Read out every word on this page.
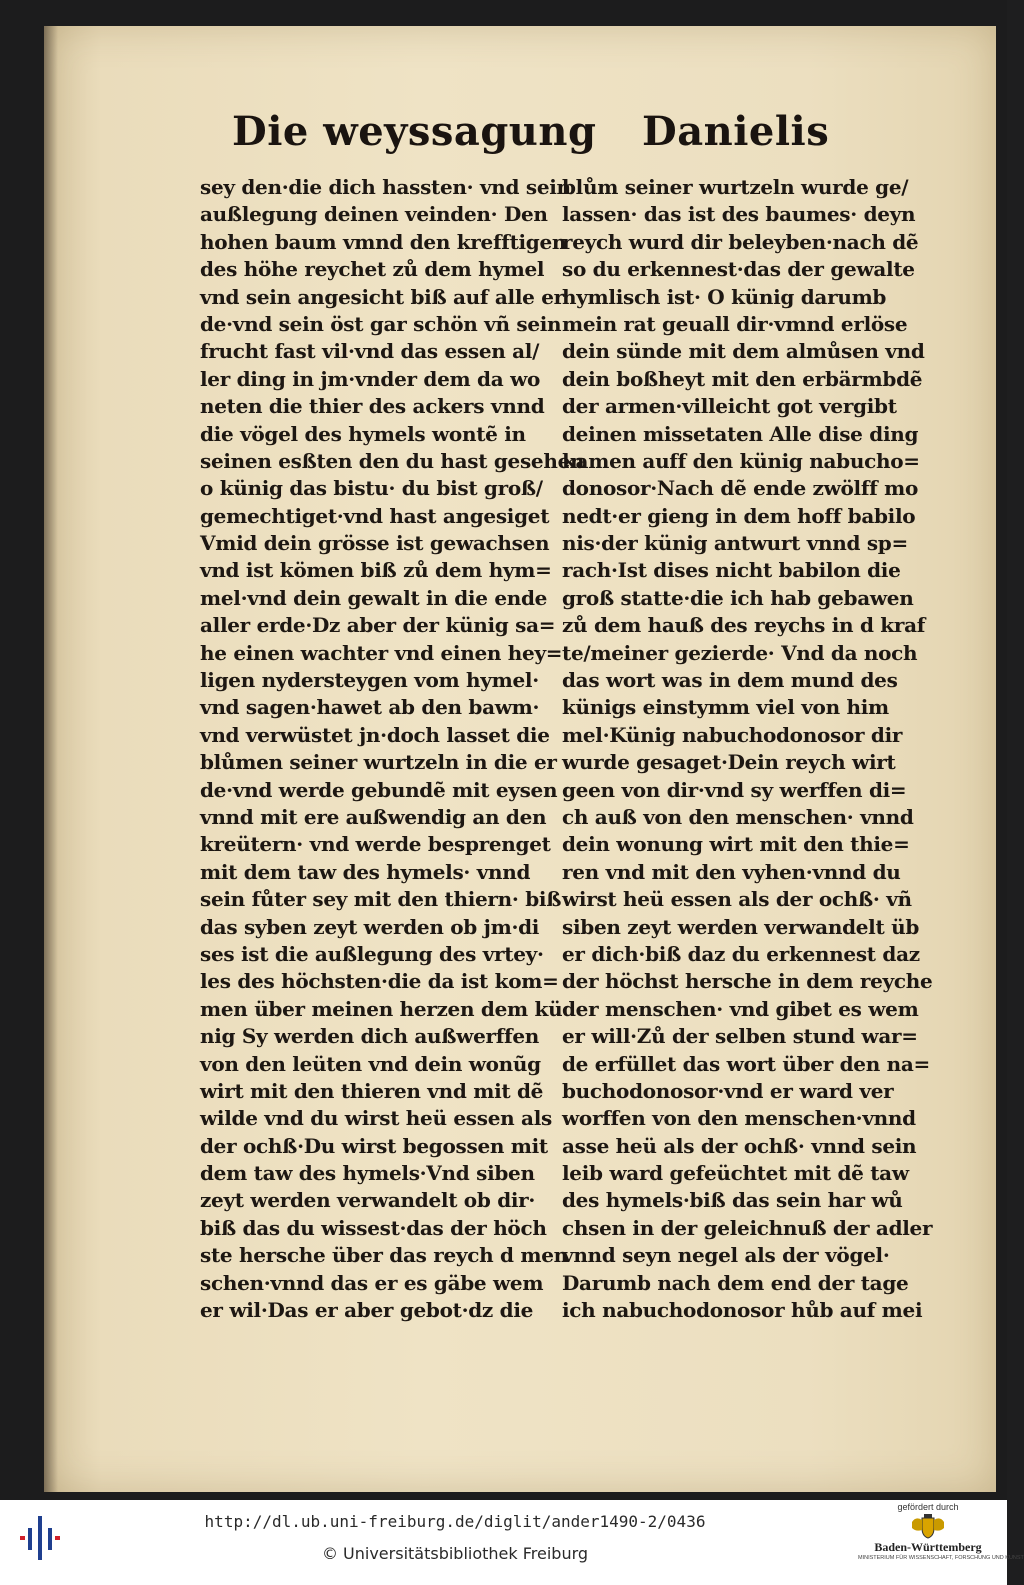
Die weyssagung Danielis
sey den·die dich hassten· vnd sein
außlegung deinen veinden· Den
hohen baum vmnd den krefftigen
des höhe reychet zů dem hymel
vnd sein angesicht biß auf alle er
de·vnd sein öst gar schön vñ sein
frucht fast vil·vnd das essen al/
ler ding in jm·vnder dem da wo
neten die thier des ackers vnnd
die vögel des hymels wontẽ in
seinen esßten den du hast gesehen
o künig das bistu· du bist groß/
gemechtiget·vnd hast angesiget
Vmid dein grösse ist gewachsen
vnd ist kömen biß zů dem hym=
mel·vnd dein gewalt in die ende
aller erde·Dz aber der künig sa=
he einen wachter vnd einen hey=
ligen nydersteygen vom hymel·
vnd sagen·hawet ab den bawm·
vnd verwüstet jn·doch lasset die
blůmen seiner wurtzeln in die er
de·vnd werde gebundẽ mit eysen
vnnd mit ere außwendig an den
kreütern· vnd werde besprenget
mit dem taw des hymels· vnnd
sein fůter sey mit den thiern· biß
das syben zeyt werden ob jm·di
ses ist die außlegung des vrtey·
les des höchsten·die da ist kom=
men über meinen herzen dem kü
nig Sy werden dich außwerffen
von den leüten vnd dein wonũg
wirt mit den thieren vnd mit dẽ
wilde vnd du wirst heü essen als
der ochß·Du wirst begossen mit
dem taw des hymels·Vnd siben
zeyt werden verwandelt ob dir·
biß das du wissest·das der höch
ste hersche über das reych d men
schen·vnnd das er es gäbe wem
er wil·Das er aber gebot·dz die
blům seiner wurtzeln wurde ge/
lassen· das ist des baumes· deyn
reych wurd dir beleyben·nach dẽ
so du erkennest·das der gewalte
hymlisch ist· O künig darumb
mein rat geuall dir·vmnd erlöse
dein sünde mit dem almůsen vnd
dein boßheyt mit den erbärmbdẽ
der armen·villeicht got vergibt
deinen missetaten Alle dise ding
kamen auff den künig nabucho=
donosor·Nach dẽ ende zwölff mo
nedt·er gieng in dem hoff babilo
nis·der künig antwurt vnnd sp=
rach·Ist dises nicht babilon die
groß statte·die ich hab gebawen
zů dem hauß des reychs in d kraf
te/meiner gezierde· Vnd da noch
das wort was in dem mund des
künigs einstymm viel von him
mel·Künig nabuchodonosor dir
wurde gesaget·Dein reych wirt
geen von dir·vnd sy werffen di=
ch auß von den menschen· vnnd
dein wonung wirt mit den thie=
ren vnd mit den vyhen·vnnd du
wirst heü essen als der ochß· vñ
siben zeyt werden verwandelt üb
er dich·biß daz du erkennest daz
der höchst hersche in dem reyche
der menschen· vnd gibet es wem
er will·Zů der selben stund war=
de erfüllet das wort über den na=
buchodonosor·vnd er ward ver
worffen von den menschen·vnnd
asse heü als der ochß· vnnd sein
leib ward gefeüchtet mit dẽ taw
des hymels·biß das sein har wů
chsen in der geleichnuß der adler
vnnd seyn negel als der vögel·
Darumb nach dem end der tage
ich nabuchodonosor hůb auf mei
http://dl.ub.uni-freiburg.de/diglit/ander1490-2/0436
© Universitätsbibliothek Freiburg
gefördert durch
Baden-Württemberg
MINISTERIUM FÜR WISSENSCHAFT, FORSCHUNG UND KUNST
